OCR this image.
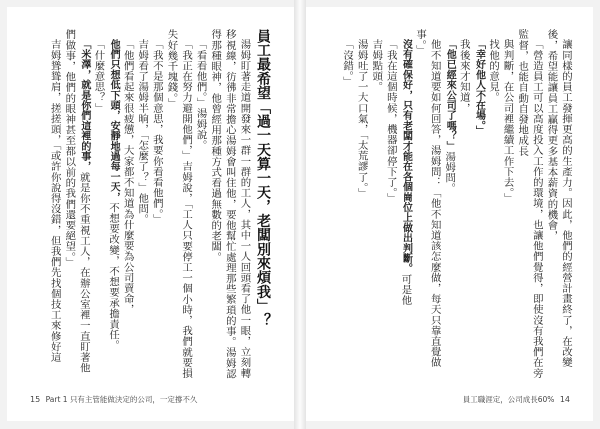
讓同樣的員工發揮更高的生產力。因此，他們的經營計畫終了，在改變後，希望能讓員工贏得更多基本薪資的機會，

「營造員工可以高度投入工作的環境，也讓他們覺得，即使沒有我們在旁監督，也能自動自發地成長

與判斷，在公司裡繼續工作下去。」

找他的意見。

「幸好他人不在場。」

我後來才知道，

「他已經來公司了嗎？」湯姆問。

他不知道要如何回答，湯姆問：「他不知道該怎麼做，每天只靠直覺做事。」

沒有確保好，只有老闆才能在各個崗位上做出判斷。可是他

「我在這個時候，機器卻停下了。」

吉姆點頭。

湯姆吐了一大口氣，「太荒謬了。」

「沒錯。」

員工職涯定，公司成長60% 14

員工最希望「過一天算一天，老闆別來煩我」？

湯姆盯著走道開發來一群一群的工人，其中一人回頭看了他一眼，立刻轉移視線，彷彿非常擔心湯姆會叫住他，要他幫忙處理那些繁瑣的事。湯姆認得那種眼神，他曾經用那種方式看過無數的老闆。

「看看他們。」湯姆說。

「我正在努力避開他們，」吉姆說，「工人只要停工一個小時，我們就要損失好幾千塊錢。」

「我不是那個意思，我要你看看他們。」

吉姆看了湯姆半晌，「怎麼了？」他問。

「他們看起來很疲憊，大家都不知道為什麼要為公司賣命，

他們只想低下頭，安靜地過每一天，不想要改變，不想要承擔責任。

「什麼意思？」

「米澤，就是你們這裡的事，就是你不重視工人，在辦公室裡一直盯著他們做事，他們的眼神甚至都以前的我們還要絕望。」

吉姆聳聳肩，搓搓頭，「或許你說得沒錯，但我們先找個技工來修好這

15 Part 1 只有主管能做決定的公司，一定撐不久
